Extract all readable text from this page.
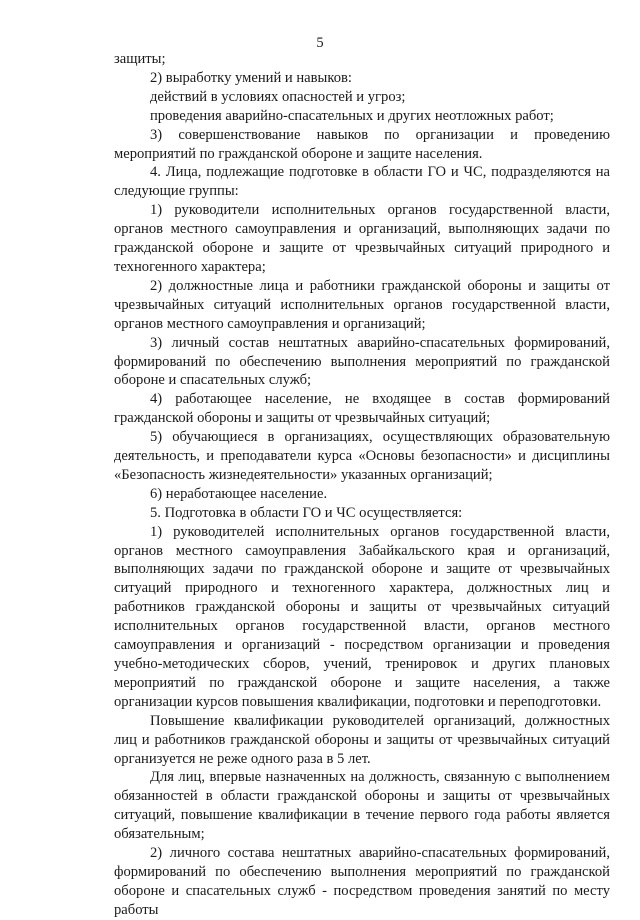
5

защиты;

2) выработку умений и навыков:

действий в условиях опасностей и угроз;

проведения аварийно-спасательных и других неотложных работ;

3) совершенствование навыков по организации и проведению мероприятий по гражданской обороне и защите населения.

4. Лица, подлежащие подготовке в области ГО и ЧС, подразделяются на следующие группы:

1) руководители исполнительных органов государственной власти, органов местного самоуправления и организаций, выполняющих задачи по гражданской обороне и защите от чрезвычайных ситуаций природного и техногенного характера;

2) должностные лица и работники гражданской обороны и защиты от чрезвычайных ситуаций исполнительных органов государственной власти, органов местного самоуправления и организаций;

3) личный состав нештатных аварийно-спасательных формирований, формирований по обеспечению выполнения мероприятий по гражданской обороне и спасательных служб;

4) работающее население, не входящее в состав формирований гражданской обороны и защиты от чрезвычайных ситуаций;

5) обучающиеся в организациях, осуществляющих образовательную деятельность, и преподаватели курса «Основы безопасности» и дисциплины «Безопасность жизнедеятельности» указанных организаций;

6) неработающее население.

5. Подготовка в области ГО и ЧС осуществляется:

1) руководителей исполнительных органов государственной власти, органов местного самоуправления Забайкальского края и организаций, выполняющих задачи по гражданской обороне и защите от чрезвычайных ситуаций природного и техногенного характера, должностных лиц и работников гражданской обороны и защиты от чрезвычайных ситуаций исполнительных органов государственной власти, органов местного самоуправления и организаций - посредством организации и проведения учебно-методических сборов, учений, тренировок и других плановых мероприятий по гражданской обороне и защите населения, а также организации курсов повышения квалификации, подготовки и переподготовки.

Повышение квалификации руководителей организаций, должностных лиц и работников гражданской обороны и защиты от чрезвычайных ситуаций организуется не реже одного раза в 5 лет.

Для лиц, впервые назначенных на должность, связанную с выполнением обязанностей в области гражданской обороны и защиты от чрезвычайных ситуаций, повышение квалификации в течение первого года работы является обязательным;

2) личного состава нештатных аварийно-спасательных формирований, формирований по обеспечению выполнения мероприятий по гражданской обороне и спасательных служб - посредством проведения занятий по месту работы
